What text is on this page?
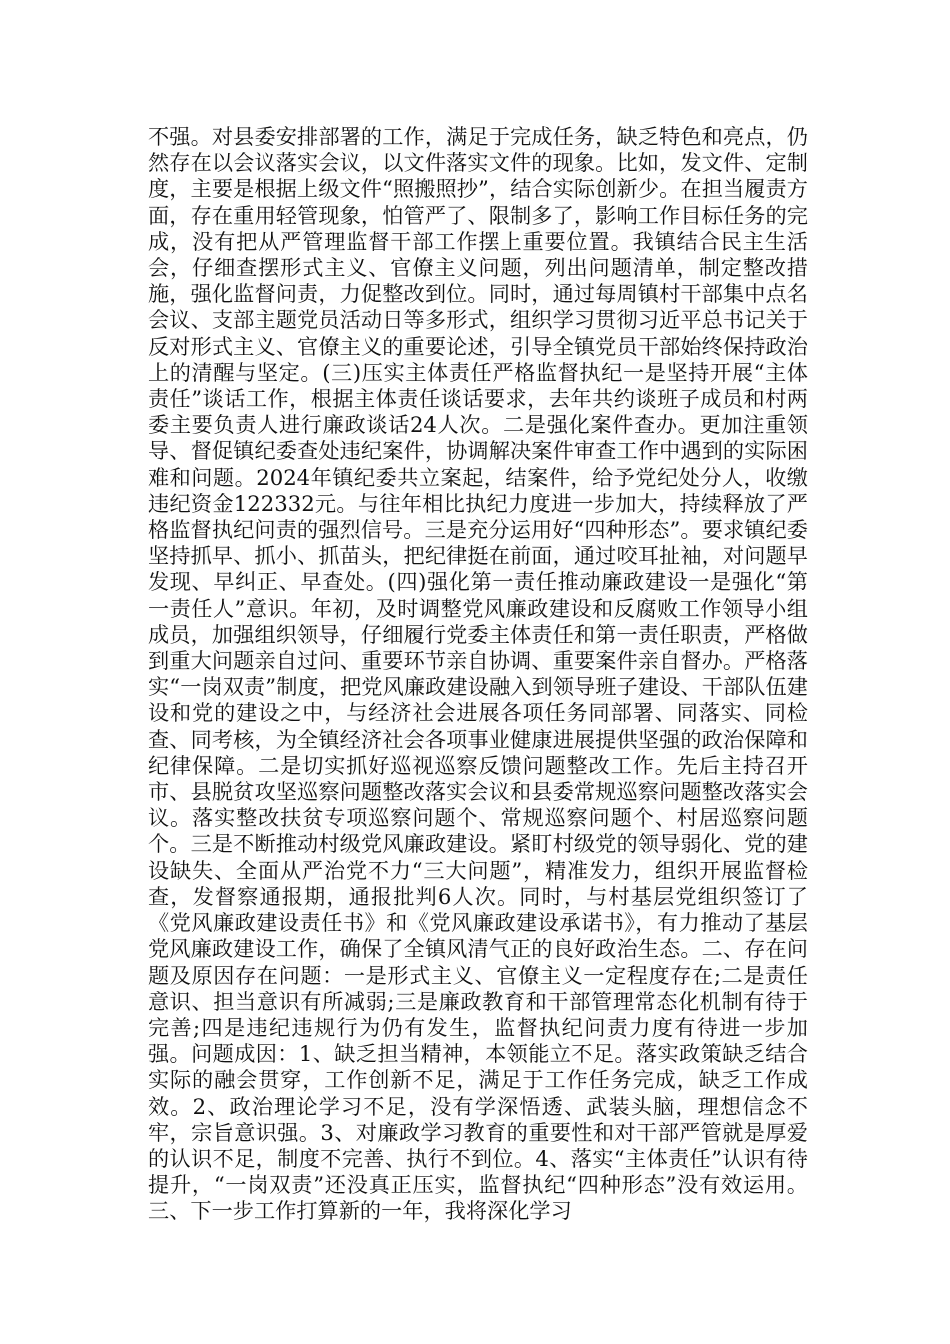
不强。对县委安排部署的工作，满足于完成任务，缺乏特色和亮点，仍然存在以会议落实会议，以文件落实文件的现象。比如，发文件、定制度，主要是根据上级文件“照搬照抄”，结合实际创新少。在担当履责方面，存在重用轻管现象，怕管严了、限制多了，影响工作目标任务的完成，没有把从严管理监督干部工作摆上重要位置。我镇结合民主生活会，仔细查摆形式主义、官僚主义问题，列出问题清单，制定整改措施，强化监督问责，力促整改到位。同时，通过每周镇村干部集中点名会议、支部主题党员活动日等多形式，组织学习贯彻习近平总书记关于反对形式主义、官僚主义的重要论述，引导全镇党员干部始终保持政治上的清醒与坚定。(三)压实主体责任严格监督执纪一是坚持开展“主体责任”谈话工作，根据主体责任谈话要求，去年共约谈班子成员和村两委主要负责人进行廉政谈话24人次。二是强化案件查办。更加注重领导、督促镇纪委查处违纪案件，协调解决案件审查工作中遇到的实际困难和问题。2024年镇纪委共立案起，结案件，给予党纪处分人，收缴违纪资金122332元。与往年相比执纪力度进一步加大，持续释放了严格监督执纪问责的强烈信号。三是充分运用好“四种形态”。要求镇纪委坚持抓早、抓小、抓苗头，把纪律挺在前面，通过咬耳扯袖，对问题早发现、早纠正、早查处。(四)强化第一责任推动廉政建设一是强化“第一责任人”意识。年初，及时调整党风廉政建设和反腐败工作领导小组成员，加强组织领导，仔细履行党委主体责任和第一责任职责，严格做到重大问题亲自过问、重要环节亲自协调、重要案件亲自督办。严格落实“一岗双责”制度，把党风廉政建设融入到领导班子建设、干部队伍建设和党的建设之中，与经济社会进展各项任务同部署、同落实、同检查、同考核，为全镇经济社会各项事业健康进展提供坚强的政治保障和纪律保障。二是切实抓好巡视巡察反馈问题整改工作。先后主持召开市、县脱贫攻坚巡察问题整改落实会议和县委常规巡察问题整改落实会议。落实整改扶贫专项巡察问题个、常规巡察问题个、村居巡察问题个。三是不断推动村级党风廉政建设。紧盯村级党的领导弱化、党的建设缺失、全面从严治党不力“三大问题”，精准发力，组织开展监督检查，发督察通报期，通报批判6人次。同时，与村基层党组织签订了《党风廉政建设责任书》和《党风廉政建设承诺书》，有力推动了基层党风廉政建设工作，确保了全镇风清气正的良好政治生态。二、存在问题及原因存在问题：一是形式主义、官僚主义一定程度存在;二是责任意识、担当意识有所减弱;三是廉政教育和干部管理常态化机制有待于完善;四是违纪违规行为仍有发生，监督执纪问责力度有待进一步加强。问题成因：1、缺乏担当精神，本领能立不足。落实政策缺乏结合实际的融会贯穿，工作创新不足，满足于工作任务完成，缺乏工作成效。2、政治理论学习不足，没有学深悟透、武装头脑，理想信念不牢，宗旨意识强。3、对廉政学习教育的重要性和对干部严管就是厚爱的认识不足，制度不完善、执行不到位。4、落实“主体责任”认识有待提升，“一岗双责”还没真正压实，监督执纪“四种形态”没有效运用。三、下一步工作打算新的一年，我将深化学习
